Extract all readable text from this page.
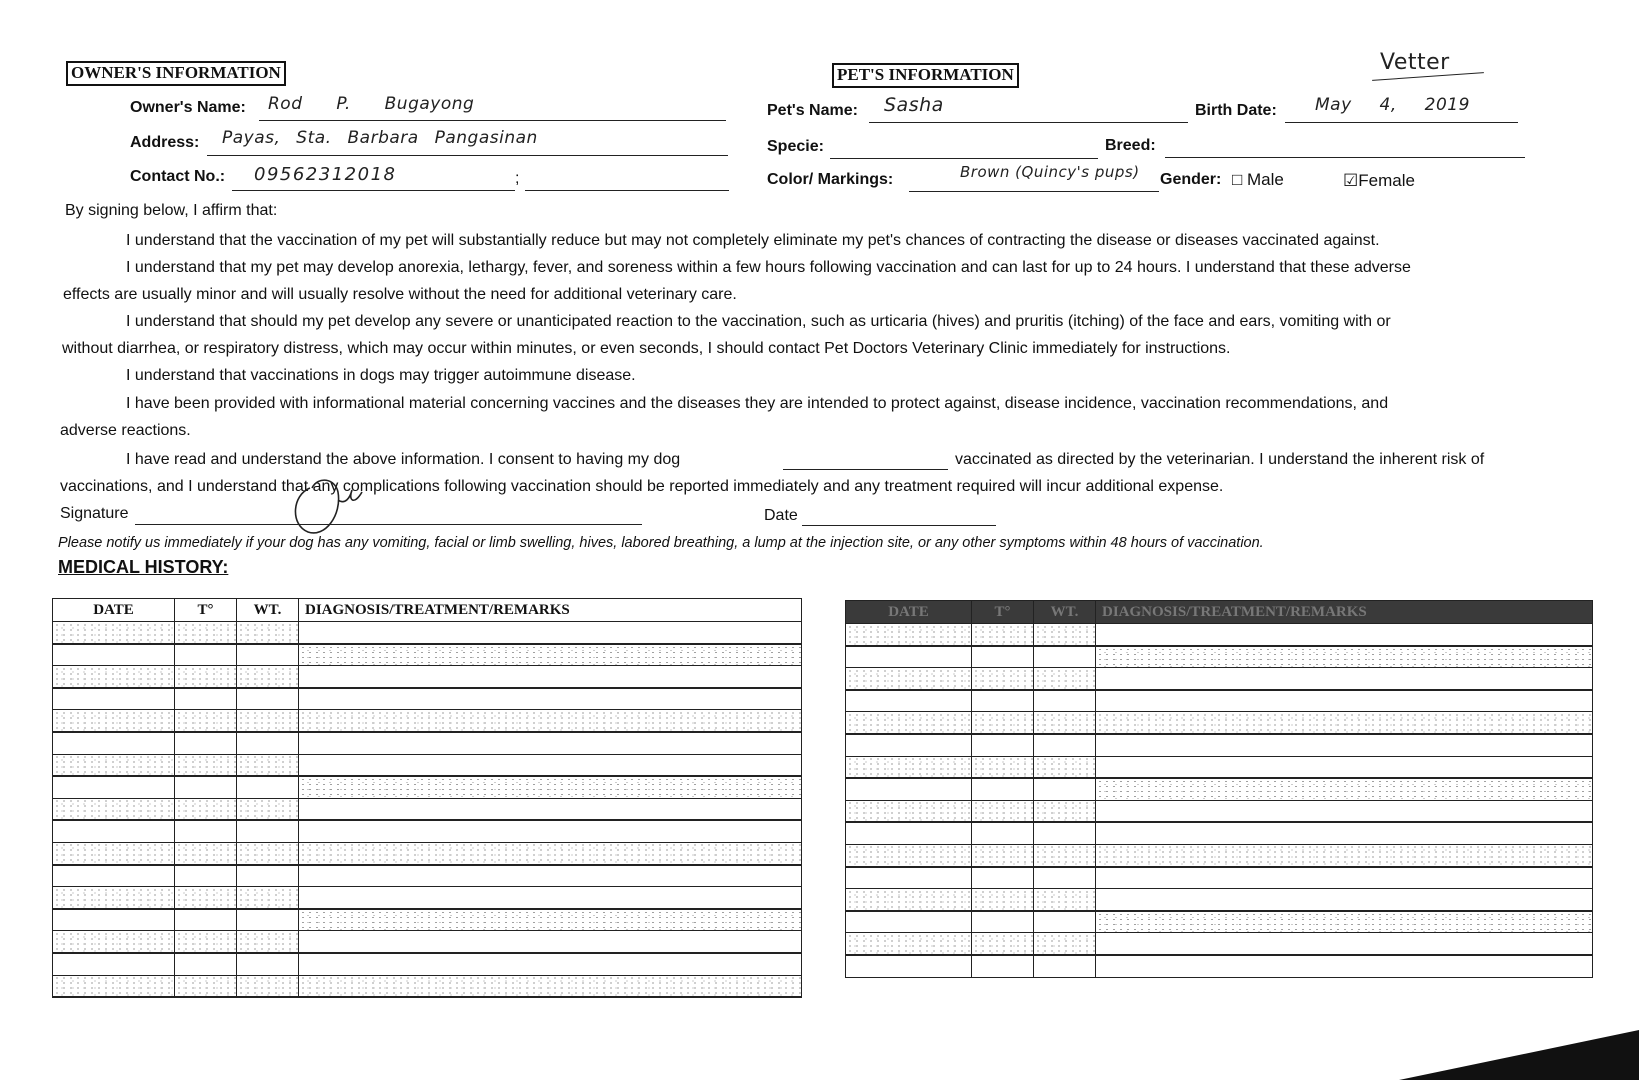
OWNER'S INFORMATION
Owner's Name: Rod P. Bugayong
Address: Payas, Sta. Barbara Pangasinan
Contact No.: 09562312018	;
PET'S INFORMATION	Vetter
Pet's Name: Sasha	Birth Date: May 4, 2019
Specie:	Breed:
Color/ Markings:	Brown (Quincy's pups) Gender: □ Male	☑Female
By signing below, I affirm that:
I understand that the vaccination of my pet will substantially reduce but may not completely eliminate my pet's chances of contracting the disease or diseases vaccinated against.
I understand that my pet may develop anorexia, lethargy, fever, and soreness within a few hours following vaccination and can last for up to 24 hours. I understand that these adverse
effects are usually minor and will usually resolve without the need for additional veterinary care.
I understand that should my pet develop any severe or unanticipated reaction to the vaccination, such as urticaria (hives) and pruritis (itching) of the face and ears, vomiting with or
without diarrhea, or respiratory distress, which may occur within minutes, or even seconds, I should contact Pet Doctors Veterinary Clinic immediately for instructions.
I understand that vaccinations in dogs may trigger autoimmune disease.
I have been provided with informational material concerning vaccines and the diseases they are intended to protect against, disease incidence, vaccination recommendations, and
adverse reactions.
I have read and understand the above information. I consent to having my dog	vaccinated as directed by the veterinarian. I understand the inherent risk of
vaccinations, and I understand that any complications following vaccination should be reported immediately and any treatment required will incur additional expense.
Signature	Date
Please notify us immediately if your dog has any vomiting, facial or limb swelling, hives, labored breathing, a lump at the injection site, or any other symptoms within 48 hours of vaccination.
MEDICAL HISTORY:
DATE	T°	WT.	DIAGNOSIS/TREATMENT/REMARKS

				DATE	T°	WT.	DIAGNOSIS/TREATMENT/REMARKS
